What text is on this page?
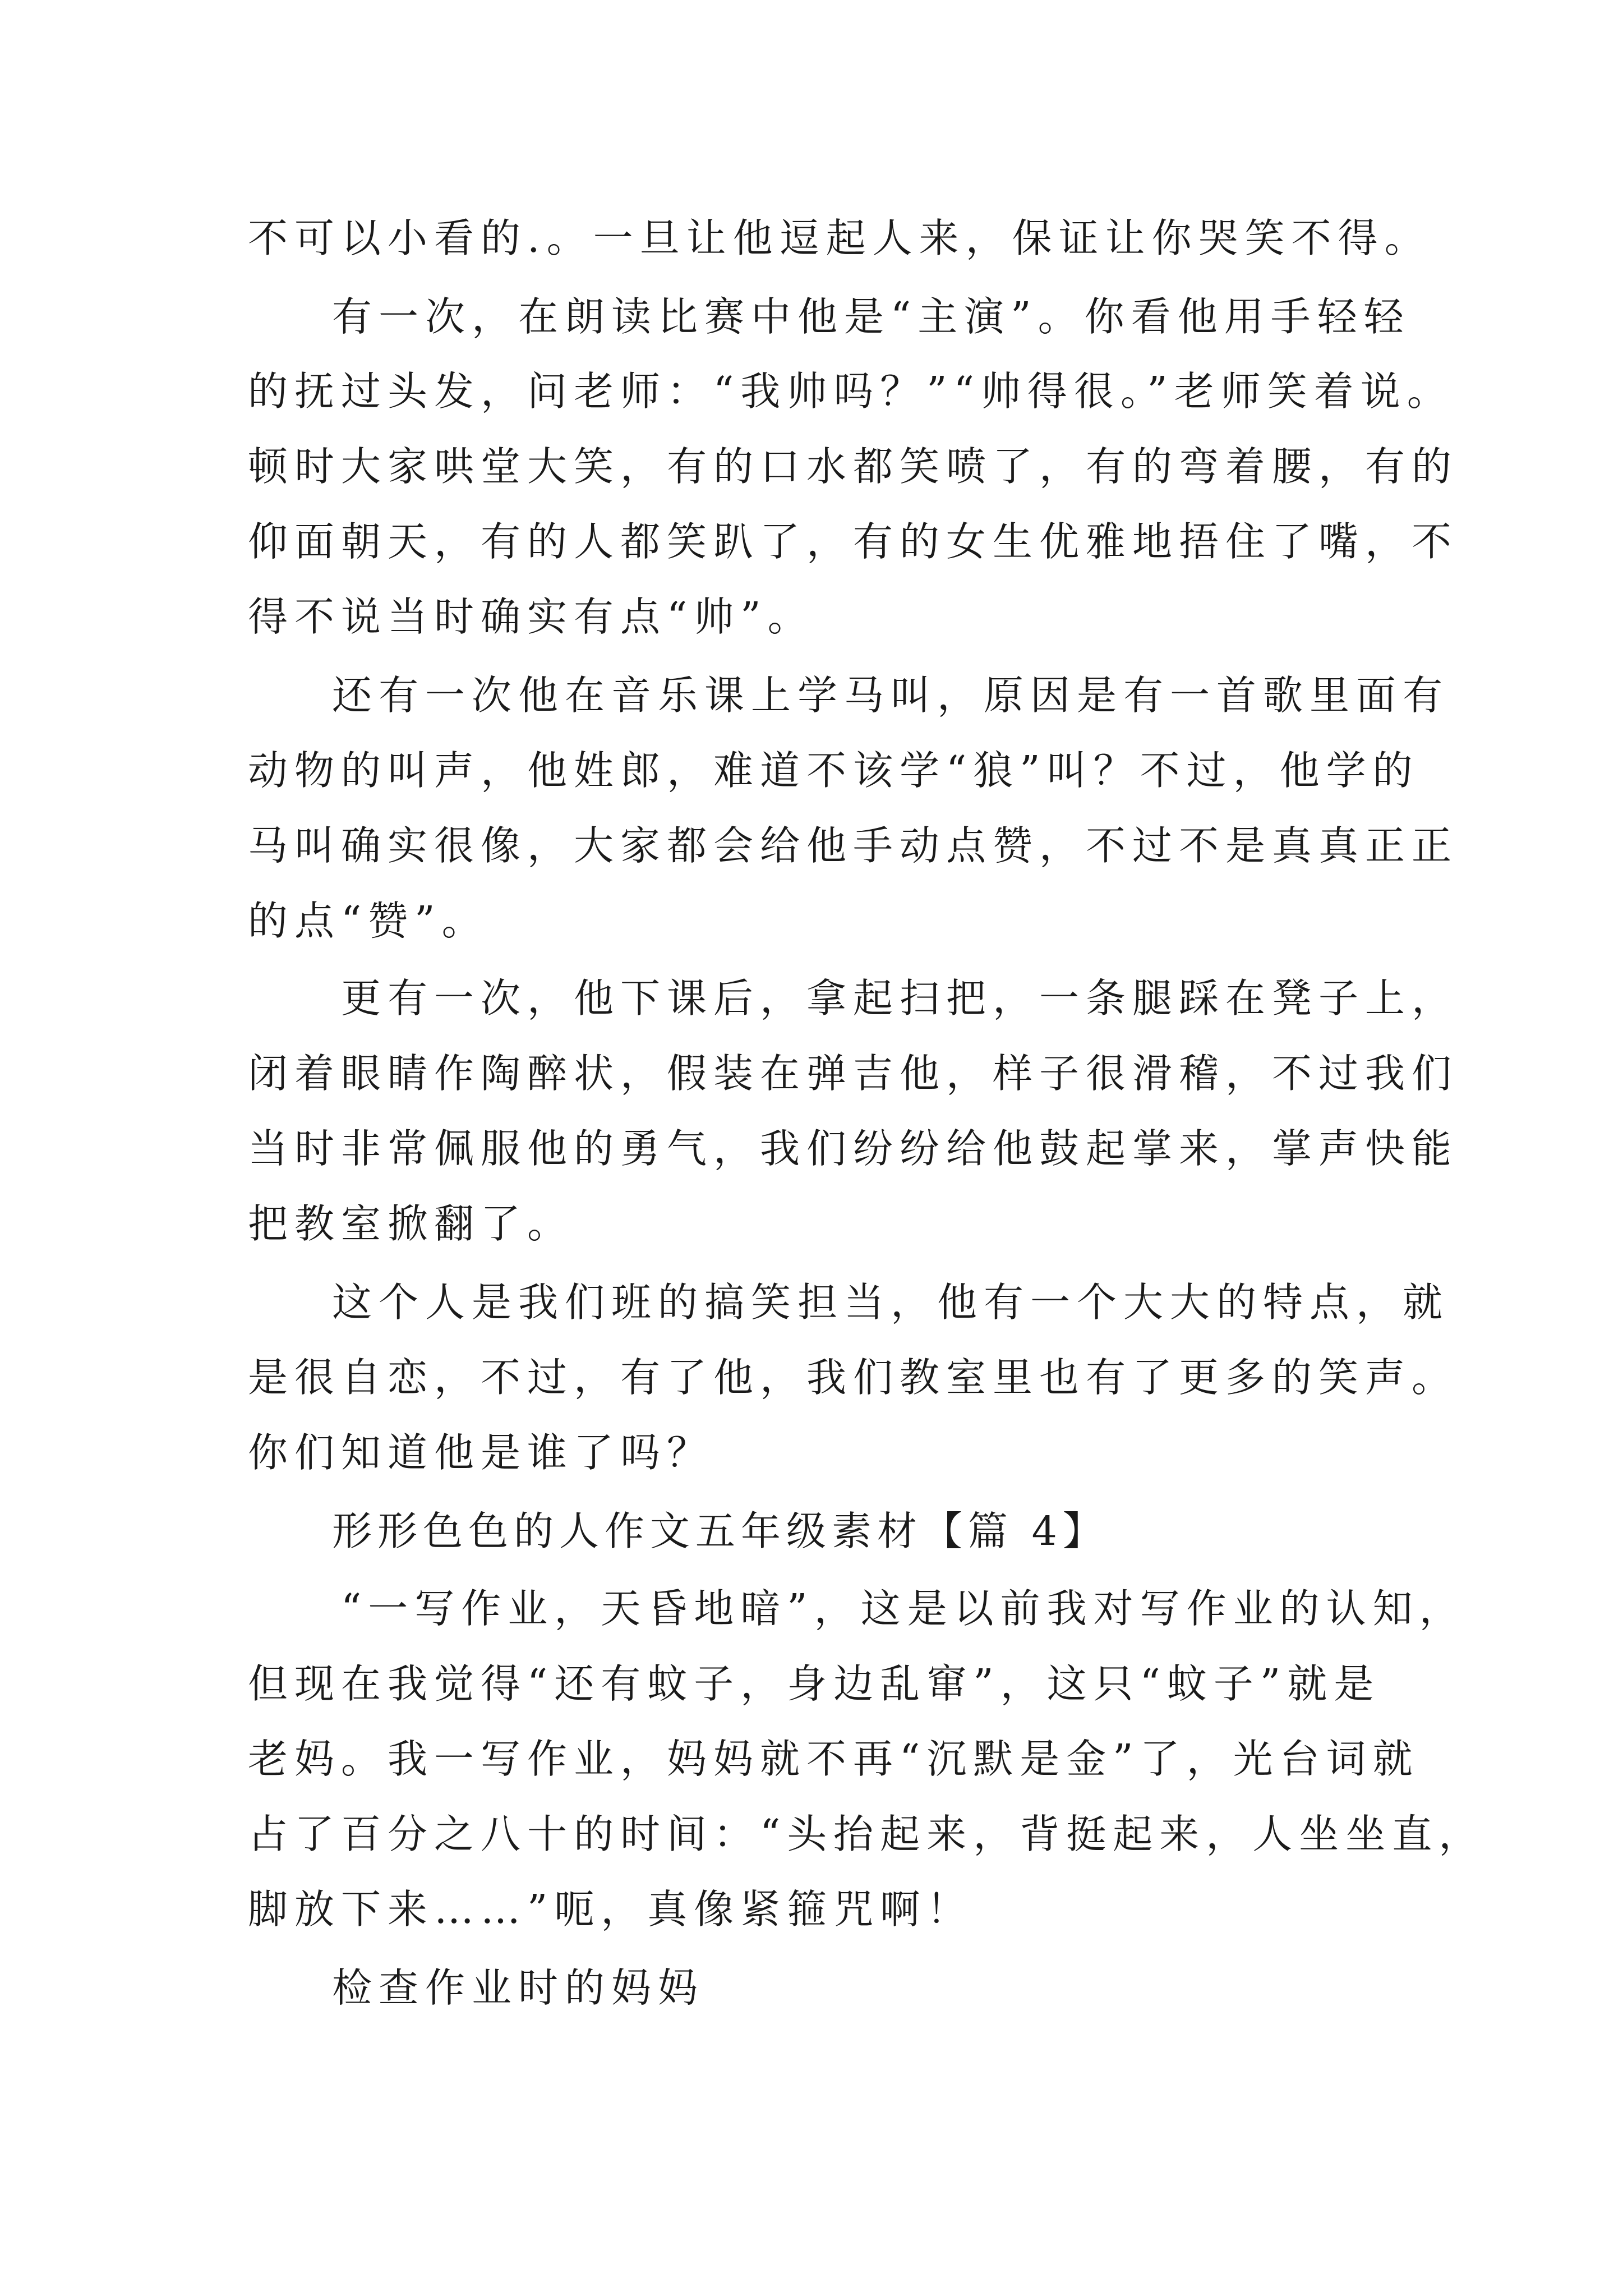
不可以小看的.。一旦让他逗起人来，保证让你哭笑不得。
有一次，在朗读比赛中他是“主演”。你看他用手轻轻
的抚过头发，问老师：“我帅吗？”“帅得很。”老师笑着说。
顿时大家哄堂大笑，有的口水都笑喷了，有的弯着腰，有的
仰面朝天，有的人都笑趴了，有的女生优雅地捂住了嘴，不
得不说当时确实有点“帅”。
还有一次他在音乐课上学马叫，原因是有一首歌里面有
动物的叫声，他姓郎，难道不该学“狼”叫？不过，他学的
马叫确实很像，大家都会给他手动点赞，不过不是真真正正
的点“赞”。
更有一次，他下课后，拿起扫把，一条腿踩在凳子上，
闭着眼睛作陶醉状，假装在弹吉他，样子很滑稽，不过我们
当时非常佩服他的勇气，我们纷纷给他鼓起掌来，掌声快能
把教室掀翻了。
这个人是我们班的搞笑担当，他有一个大大的特点，就
是很自恋，不过，有了他，我们教室里也有了更多的笑声。
你们知道他是谁了吗？
形形色色的人作文五年级素材【篇 4】
“一写作业，天昏地暗”，这是以前我对写作业的认知，
但现在我觉得“还有蚊子，身边乱窜”，这只“蚊子”就是
老妈。我一写作业，妈妈就不再“沉默是金”了，光台词就
占了百分之八十的时间：“头抬起来，背挺起来，人坐坐直，
脚放下来……”呃，真像紧箍咒啊！
检查作业时的妈妈
